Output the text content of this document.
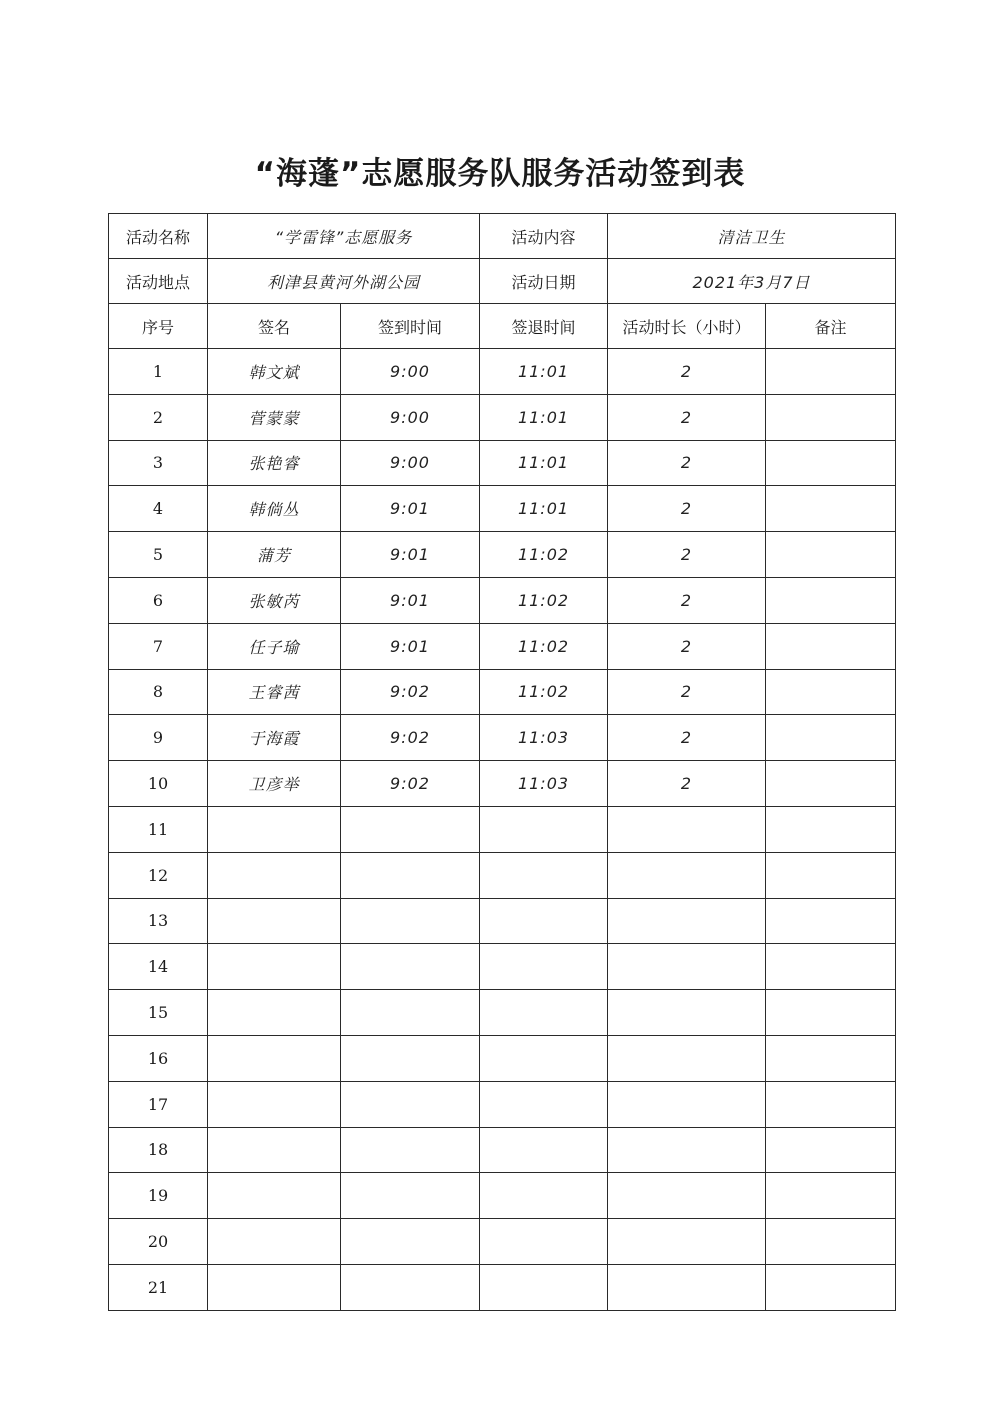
“海蓬”志愿服务队服务活动签到表
活动名称	“学雷锋”志愿服务		活动内容	清洁卫生	
活动地点	利津县黄河外湖公园		活动日期	2021年3月7日	
序号	签名	签到时间	签退时间	活动时长（小时）	备注
1	韩文斌	9:00	11:01	2	
2	菅蒙蒙	9:00	11:01	2	
3	张艳睿	9:00	11:01	2	
4	韩倘丛	9:01	11:01	2	
5	蒲芳	9:01	11:02	2	
6	张敏芮	9:01	11:02	2	
7	任子瑜	9:01	11:02	2	
8	王睿茜	9:02	11:02	2	
9	于海霞	9:02	11:03	2	
10	卫彦举	9:02	11:03	2	
11					
12					
13					
14					
15					
16					
17					
18					
19					
20					
21					
